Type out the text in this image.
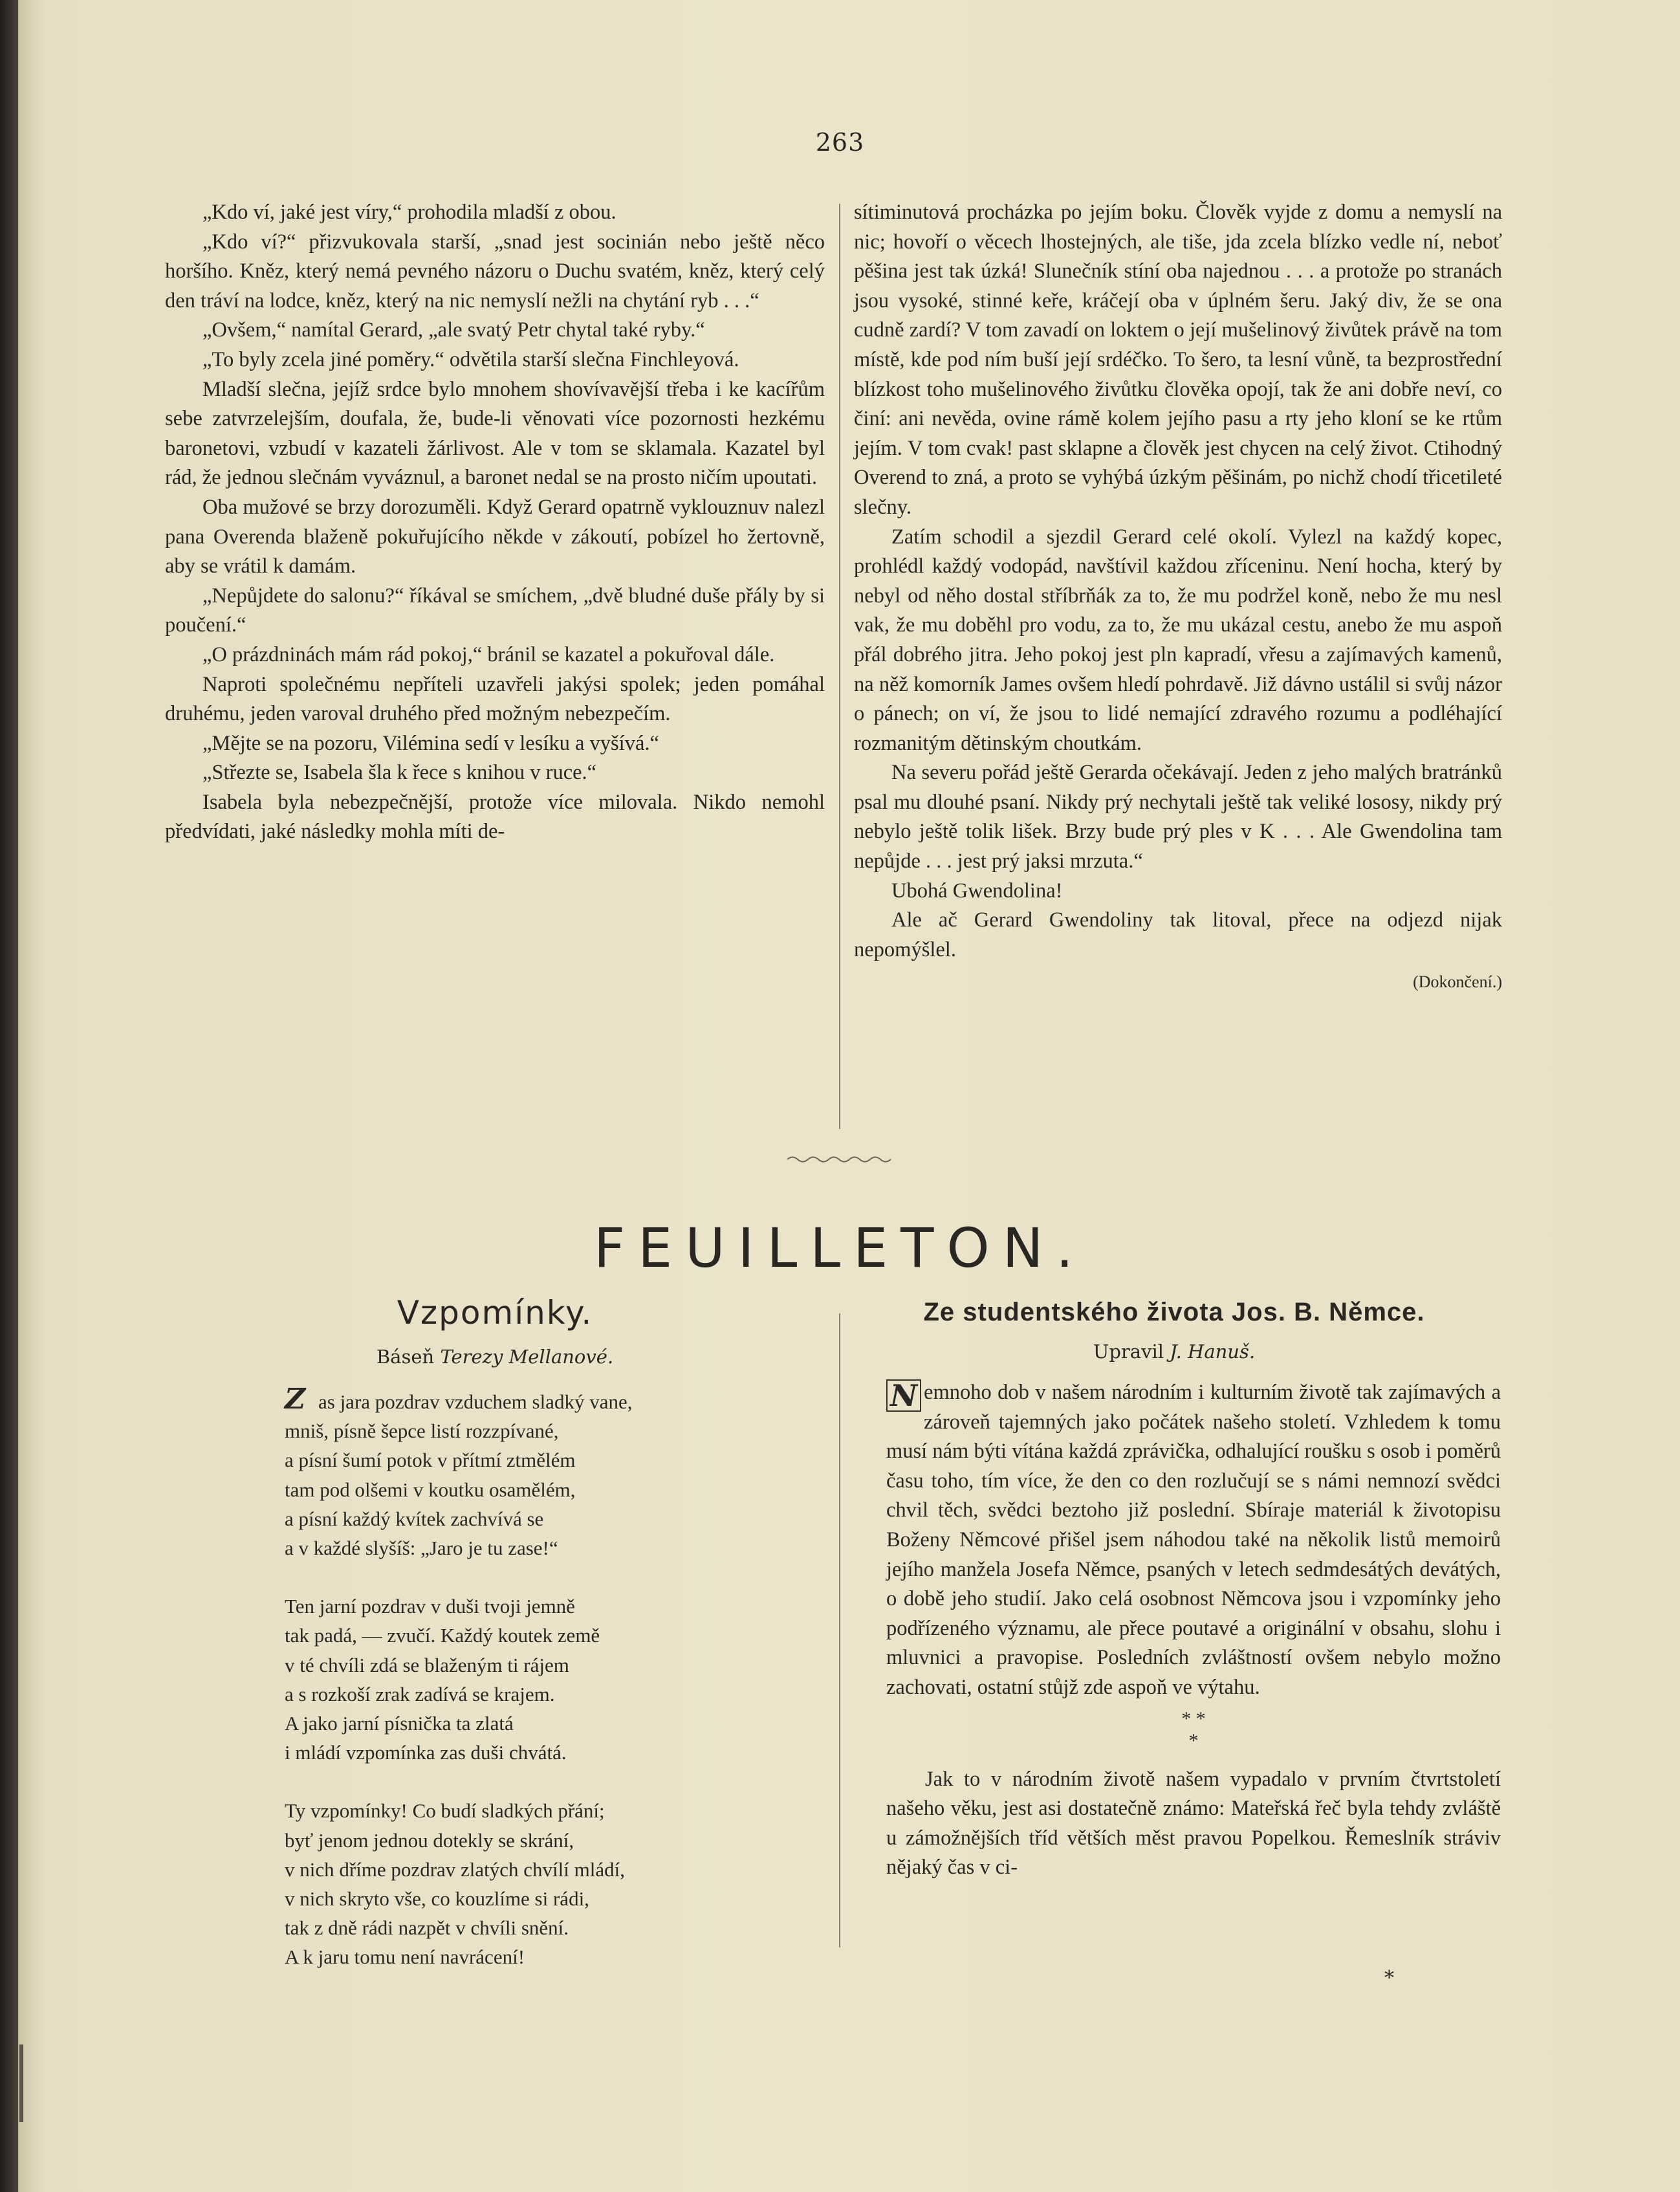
263

„Kdo ví, jaké jest víry,“ prohodila mladší z obou.

„Kdo ví?“ přizvukovala starší, „snad jest socinián nebo ještě něco horšího. Kněz, který nemá pevného názoru o Duchu svatém, kněz, který celý den tráví na lodce, kněz, který na nic nemyslí nežli na chytání ryb . . .“

„Ovšem,“ namítal Gerard, „ale svatý Petr chytal také ryby.“

„To byly zcela jiné poměry.“ odvětila starší slečna Finchleyová.

Mladší slečna, jejíž srdce bylo mnohem shovívavější třeba i ke kacířům sebe zatvrzelejším, doufala, že, bude-li věnovati více pozornosti hezkému baronetovi, vzbudí v kazateli žárlivost. Ale v tom se sklamala. Kazatel byl rád, že jednou slečnám vyváznul, a baronet nedal se na prosto ničím upoutati.

Oba mužové se brzy dorozuměli. Když Gerard opatrně vyklouznuv nalezl pana Overenda blaženě pokuřujícího někde v zákoutí, pobízel ho žertovně, aby se vrátil k damám.

„Nepůjdete do salonu?“ říkával se smíchem, „dvě bludné duše přály by si poučení.“

„O prázdninách mám rád pokoj,“ bránil se kazatel a pokuřoval dále.

Naproti společnému nepříteli uzavřeli jakýsi spolek; jeden pomáhal druhému, jeden varoval druhého před možným nebezpečím.

„Mějte se na pozoru, Vilémina sedí v lesíku a vyšívá.“

„Střezte se, Isabela šla k řece s knihou v ruce.“

Isabela byla nebezpečnější, protože více milovala. Nikdo nemohl předvídati, jaké následky mohla míti de-

sítiminutová procházka po jejím boku. Člověk vyjde z domu a nemyslí na nic; hovoří o věcech lhostejných, ale tiše, jda zcela blízko vedle ní, neboť pěšina jest tak úzká! Slunečník stíní oba najednou . . . a protože po stranách jsou vysoké, stinné keře, kráčejí oba v úplném šeru. Jaký div, že se ona cudně zardí? V tom zavadí on loktem o její mušelinový živůtek právě na tom místě, kde pod ním buší její srdéčko. To šero, ta lesní vůně, ta bezprostřední blízkost toho mušelinového živůtku člověka opojí, tak že ani dobře neví, co činí: ani nevěda, ovine rámě kolem jejího pasu a rty jeho kloní se ke rtům jejím. V tom cvak! past sklapne a člověk jest chycen na celý život. Ctihodný Overend to zná, a proto se vyhýbá úzkým pěšinám, po nichž chodí třicetileté slečny.

Zatím schodil a sjezdil Gerard celé okolí. Vylezl na každý kopec, prohlédl každý vodopád, navštívil každou zříceninu. Není hocha, který by nebyl od něho dostal stříbrňák za to, že mu podržel koně, nebo že mu nesl vak, že mu doběhl pro vodu, za to, že mu ukázal cestu, anebo že mu aspoň přál dobrého jitra. Jeho pokoj jest pln kapradí, vřesu a zajímavých kamenů, na něž komorník James ovšem hledí pohrdavě. Již dávno ustálil si svůj názor o pánech; on ví, že jsou to lidé nemající zdravého rozumu a podléhající rozmanitým dětinským choutkám.

Na severu pořád ještě Gerarda očekávají. Jeden z jeho malých bratránků psal mu dlouhé psaní. Nikdy prý nechytali ještě tak veliké lososy, nikdy prý nebylo ještě tolik lišek. Brzy bude prý ples v K . . . Ale Gwendolina tam nepůjde . . . jest prý jaksi mrzuta.“

Ubohá Gwendolina!

Ale ač Gerard Gwendoliny tak litoval, přece na odjezd nijak nepomýšlel.

(Dokončení.)
FEUILLETON.
Vzpomínky.
Báseň Terezy Mellanové.
Z as jara pozdrav vzduchem sladký vane,
mniš, písně šepce listí rozzpívané,
a písní šumí potok v přítmí ztmělém
tam pod olšemi v koutku osamělém,
a písní každý kvítek zachvívá se
a v každé slyšíš: „Jaro je tu zase!“
Ten jarní pozdrav v duši tvoji jemně
tak padá, — zvučí. Každý koutek země
v té chvíli zdá se blaženým ti rájem
a s rozkoší zrak zadívá se krajem.
A jako jarní písnička ta zlatá
i mládí vzpomínka zas duši chvátá.
Ty vzpomínky! Co budí sladkých přání;
byť jenom jednou dotekly se skrání,
v nich dříme pozdrav zlatých chvílí mládí,
v nich skryto vše, co kouzlíme si rádi,
tak z dně rádi nazpět v chvíli snění.
A k jaru tomu není navrácení!
Ze studentského života Jos. B. Němce.
Upravil J. Hanuš.

N emnoho dob v našem národním i kulturním životě tak zajímavých a zároveň tajemných jako počátek našeho století. Vzhledem k tomu musí nám býti vítána každá zprávička, odhalující roušku s osob i poměrů času toho, tím více, že den co den rozlučují se s námi nemnozí svědci chvil těch, svědci beztoho již poslední. Sbíraje materiál k životopisu Boženy Němcové přišel jsem náhodou také na několik listů memoirů jejího manžela Josefa Němce, psaných v letech sedmdesátých devátých, o době jeho studií. Jako celá osobnost Němcova jsou i vzpomínky jeho podřízeného významu, ale přece poutavé a originální v obsahu, slohu i mluvnici a pravopise. Posledních zvláštností ovšem nebylo možno zachovati, ostatní stůjž zde aspoň ve výtahu.

* *
*

Jak to v národním životě našem vypadalo v prvním čtvrtstoletí našeho věku, jest asi dostatečně známo: Mateřská řeč byla tehdy zvláště u zámožnějších tříd větších měst pravou Popelkou. Řemeslník stráviv nějaký čas v ci-

*
